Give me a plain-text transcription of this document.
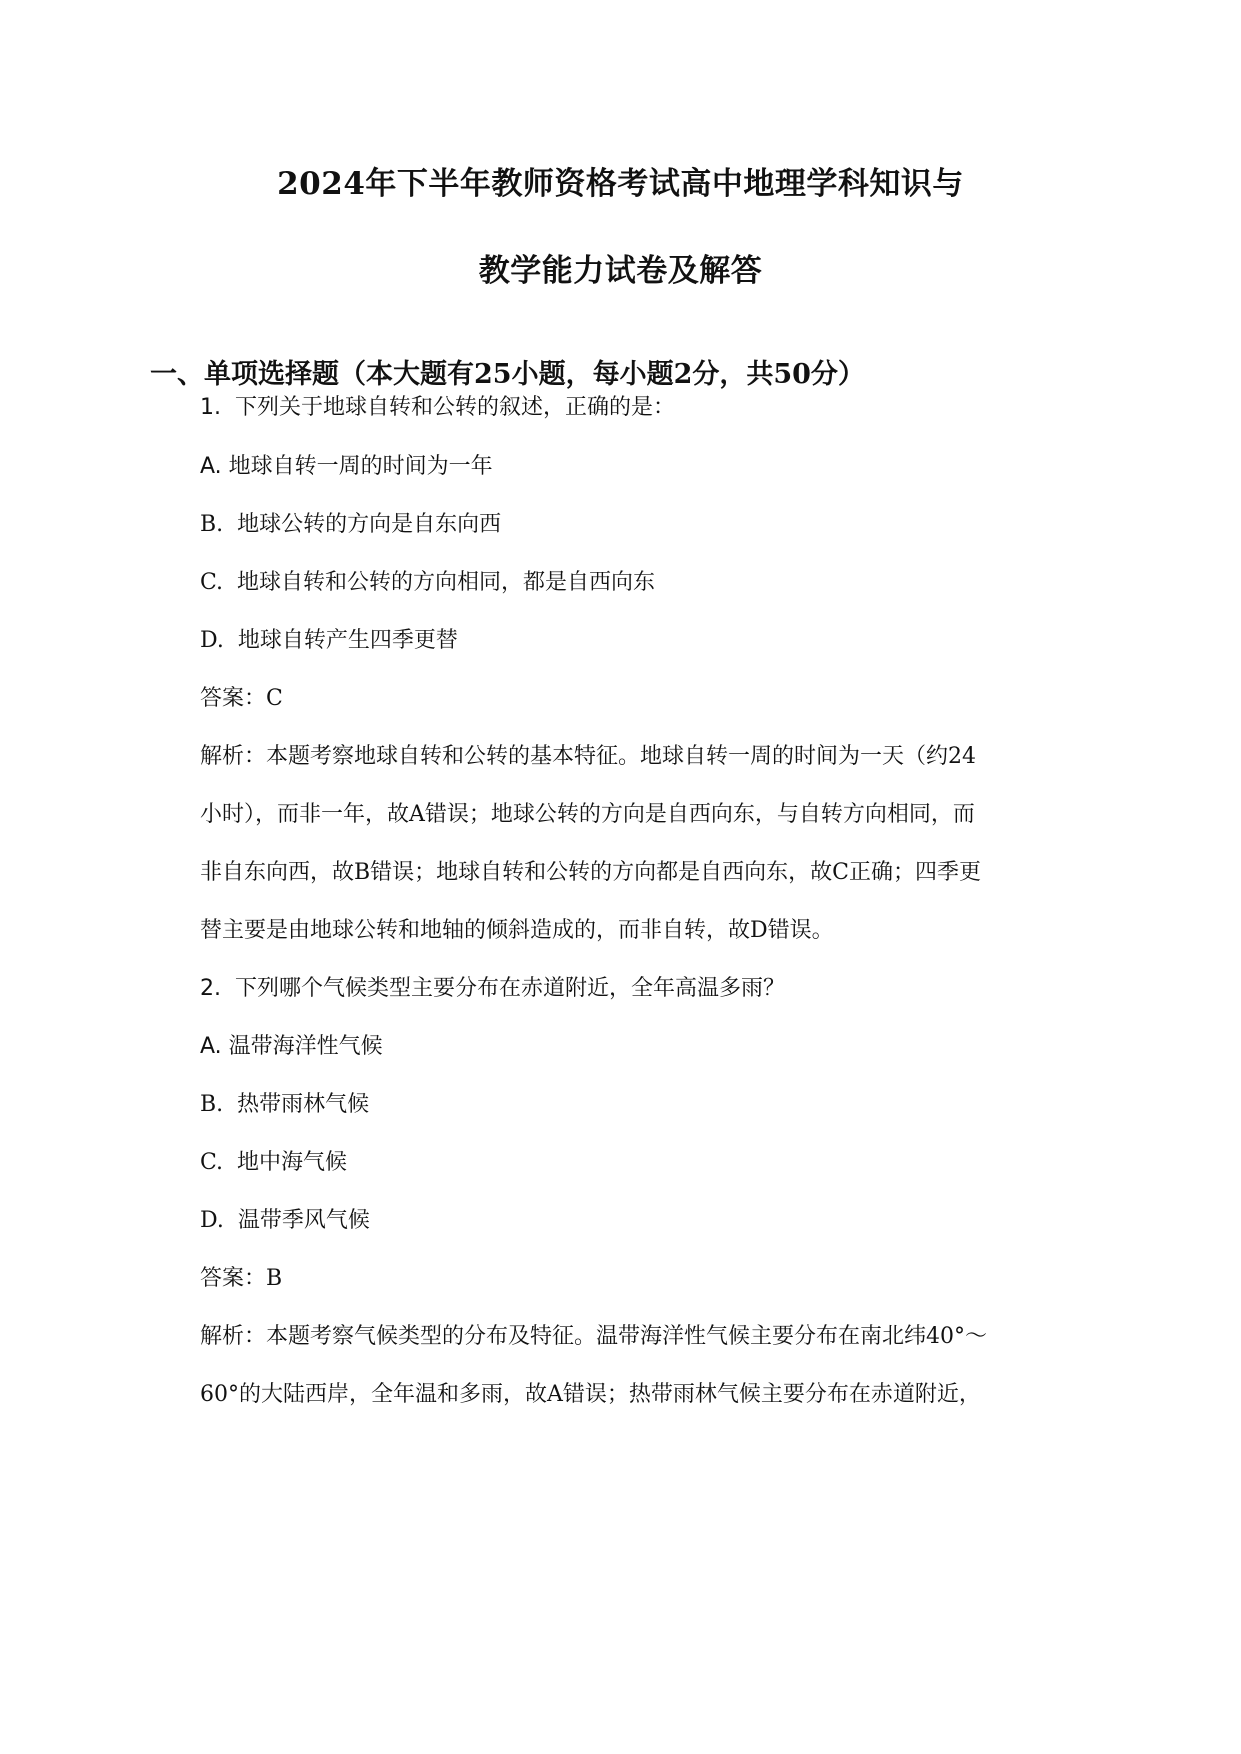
2024年下半年教师资格考试高中地理学科知识与
教学能力试卷及解答
一、单项选择题（本大题有25小题，每小题2分，共50分）
1. 下列关于地球自转和公转的叙述，正确的是：
A. 地球自转一周的时间为一年
B. 地球公转的方向是自东向西
C. 地球自转和公转的方向相同，都是自西向东
D. 地球自转产生四季更替
答案：C
解析：本题考察地球自转和公转的基本特征。地球自转一周的时间为一天（约24
小时），而非一年，故A错误；地球公转的方向是自西向东，与自转方向相同，而
非自东向西，故B错误；地球自转和公转的方向都是自西向东，故C正确；四季更
替主要是由地球公转和地轴的倾斜造成的，而非自转，故D错误。
2. 下列哪个气候类型主要分布在赤道附近，全年高温多雨？
A. 温带海洋性气候
B. 热带雨林气候
C. 地中海气候
D. 温带季风气候
答案：B
解析：本题考察气候类型的分布及特征。温带海洋性气候主要分布在南北纬40°～
60°的大陆西岸，全年温和多雨，故A错误；热带雨林气候主要分布在赤道附近，
